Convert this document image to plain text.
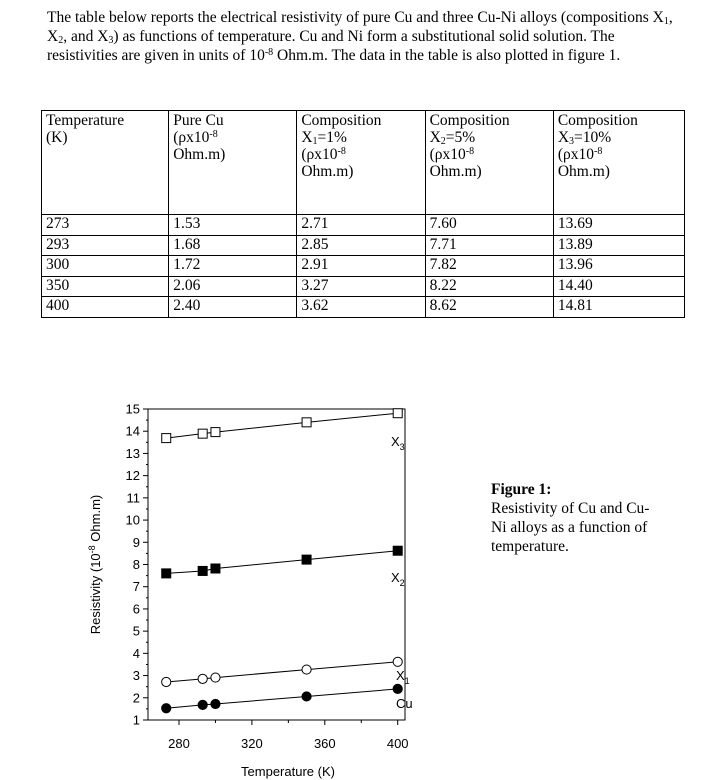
The table below reports the electrical resistivity of pure Cu and three Cu-Ni alloys (compositions $X_1$, $X_2$, and $X_3$) as functions of temperature. Cu and Ni form a substitutional solid solution. The resistivities are given in units of $10^{-8}$ Ohm.m. The data in the table is also plotted in figure 1.

Temperature
(K)	Pure Cu
($\rho x10^{-8}$
Ohm.m)	Composition
$X_1=1\%$
($\rho x10^{-8}$
Ohm.m)	Composition
$X_2=5\%$
($\rho x10^{-8}$
Ohm.m)	Composition
$X_3=10\%$
($\rho x10^{-8}$
Ohm.m)
273	1.53	2.71	7.60	13.69
293	1.68	2.85	7.71	13.89
300	1.72	2.91	7.82	13.96
350	2.06	3.27	8.22	14.40
400	2.40	3.62	8.62	14.81
1
2
3
4
5
6
7
8
9
10
11
12
13
14
15
280	320	360	400
Temperature (K)
Resistivity ($10^{-8}$ Ohm.m)
Cu
$X_1$
$X_2$
$X_3$
Figure 1:
Resistivity of Cu and Cu-Ni alloys as a function of temperature.
